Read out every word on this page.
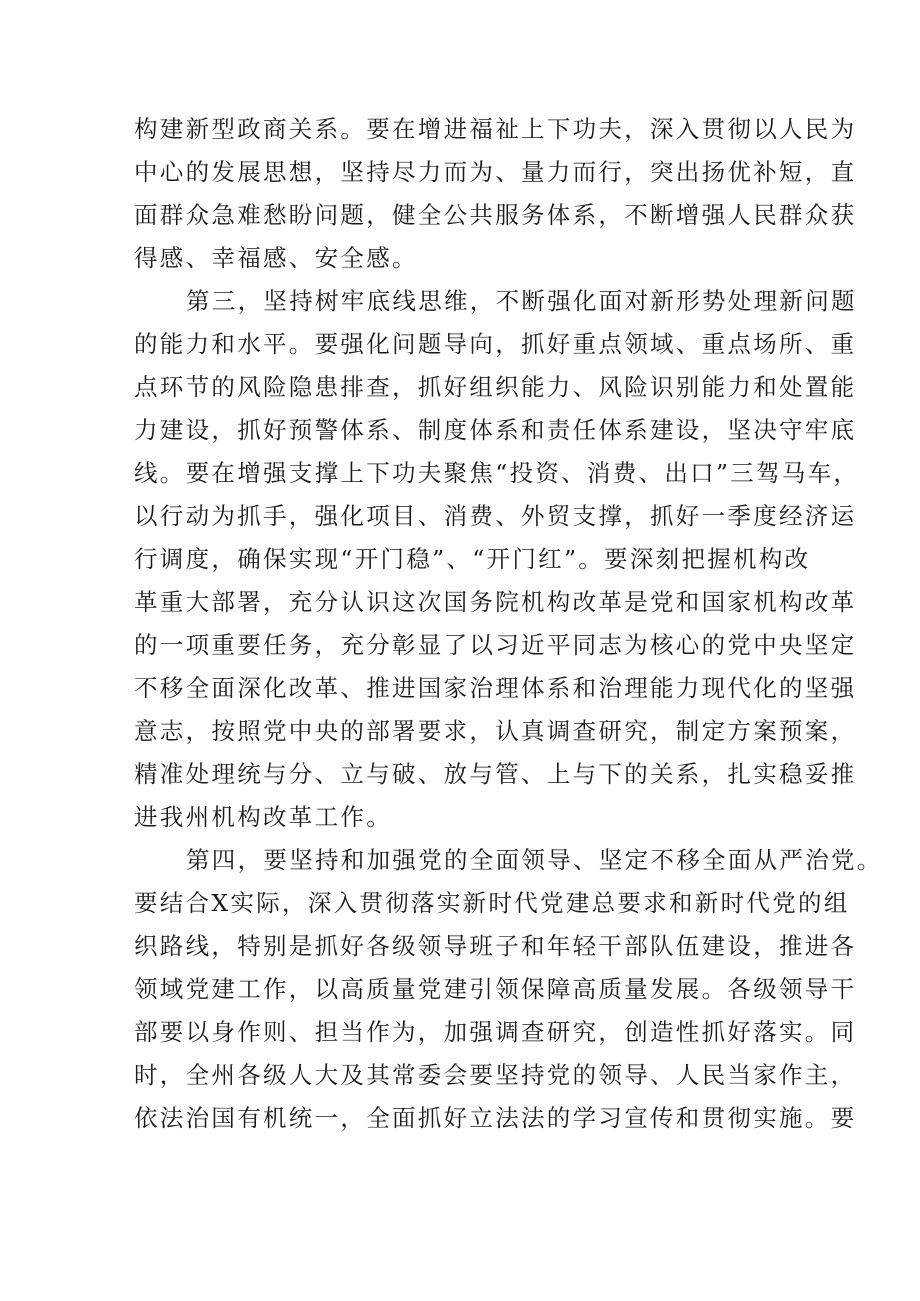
构建新型政商关系。要在增进福祉上下功夫，深入贯彻以人民为
中心的发展思想，坚持尽力而为、量力而行，突出扬优补短，直
面群众急难愁盼问题，健全公共服务体系，不断增强人民群众获
得感、幸福感、安全感。
第三，坚持树牢底线思维，不断强化面对新形势处理新问题
的能力和水平。要强化问题导向，抓好重点领域、重点场所、重
点环节的风险隐患排查，抓好组织能力、风险识别能力和处置能
力建设，抓好预警体系、制度体系和责任体系建设，坚决守牢底
线。要在增强支撑上下功夫聚焦“投资、消费、出口”三驾马车，
以行动为抓手，强化项目、消费、外贸支撑，抓好一季度经济运
行调度，确保实现“开门稳”、“开门红”。要深刻把握机构改
革重大部署，充分认识这次国务院机构改革是党和国家机构改革
的一项重要任务，充分彰显了以习近平同志为核心的党中央坚定
不移全面深化改革、推进国家治理体系和治理能力现代化的坚强
意志，按照党中央的部署要求，认真调查研究，制定方案预案，
精准处理统与分、立与破、放与管、上与下的关系，扎实稳妥推
进我州机构改革工作。
第四，要坚持和加强党的全面领导、坚定不移全面从严治党。
要结合X实际，深入贯彻落实新时代党建总要求和新时代党的组
织路线，特别是抓好各级领导班子和年轻干部队伍建设，推进各
领域党建工作，以高质量党建引领保障高质量发展。各级领导干
部要以身作则、担当作为，加强调查研究，创造性抓好落实。同
时，全州各级人大及其常委会要坚持党的领导、人民当家作主，
依法治国有机统一，全面抓好立法法的学习宣传和贯彻实施。要
